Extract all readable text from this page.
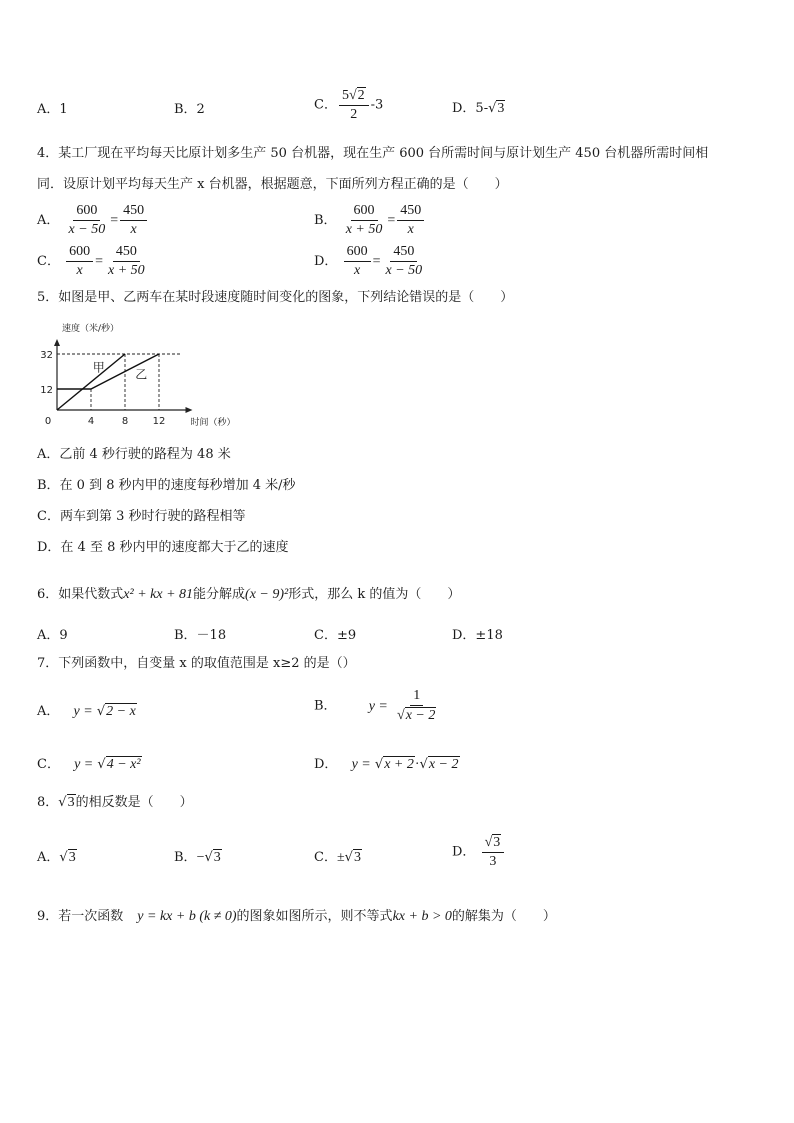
A．1	B．2	C． $\frac{5√2}{2} -3$	D．5-√3
4．某工厂现在平均每天比原计划多生产 50 台机器，现在生产 600 台所需时间与原计划生产 450 台机器所需时间相
同．设原计划平均每天生产 x 台机器，根据题意，下面所列方程正确的是（　　）
A． $\frac{600}{x - 50} = \frac{450}{x}$	B． $\frac{600}{x + 50} = \frac{450}{x}$
C． $\frac{600}{x} = \frac{450}{x + 50}$	D． $\frac{600}{x} = \frac{450}{x - 50}$
5．如图是甲、乙两车在某时段速度随时间变化的图象，下列结论错误的是（　　）
速度（米/秒）
时间（秒）
0	4	8 12
12
32
甲	乙
A．乙前 4 秒行驶的路程为 48 米
B．在 0 到 8 秒内甲的速度每秒增加 4 米/秒
C．两车到第 3 秒时行驶的路程相等
D．在 4 至 8 秒内甲的速度都大于乙的速度
6．如果代数式x² + kx + 81能分解成(x − 9)²形式，那么 k 的值为（　　）
A．9	B．－18	C．±9	D．±18
7．下列函数中，自变量 x 的取值范围是 x≥2 的是（）
A． y = √2 − x	B． $y = \frac{1}{√x - 2}$
C． y = √4 − x²	D． y = √x + 2·√x − 2
8．√3的相反数是（　　）
A．√3	B．−√3	C．±√3	D． $\frac{√3}{3}$
9．若一次函数 y = kx + b (k ≠ 0)的图象如图所示，则不等式kx + b > 0的解集为（　　）
